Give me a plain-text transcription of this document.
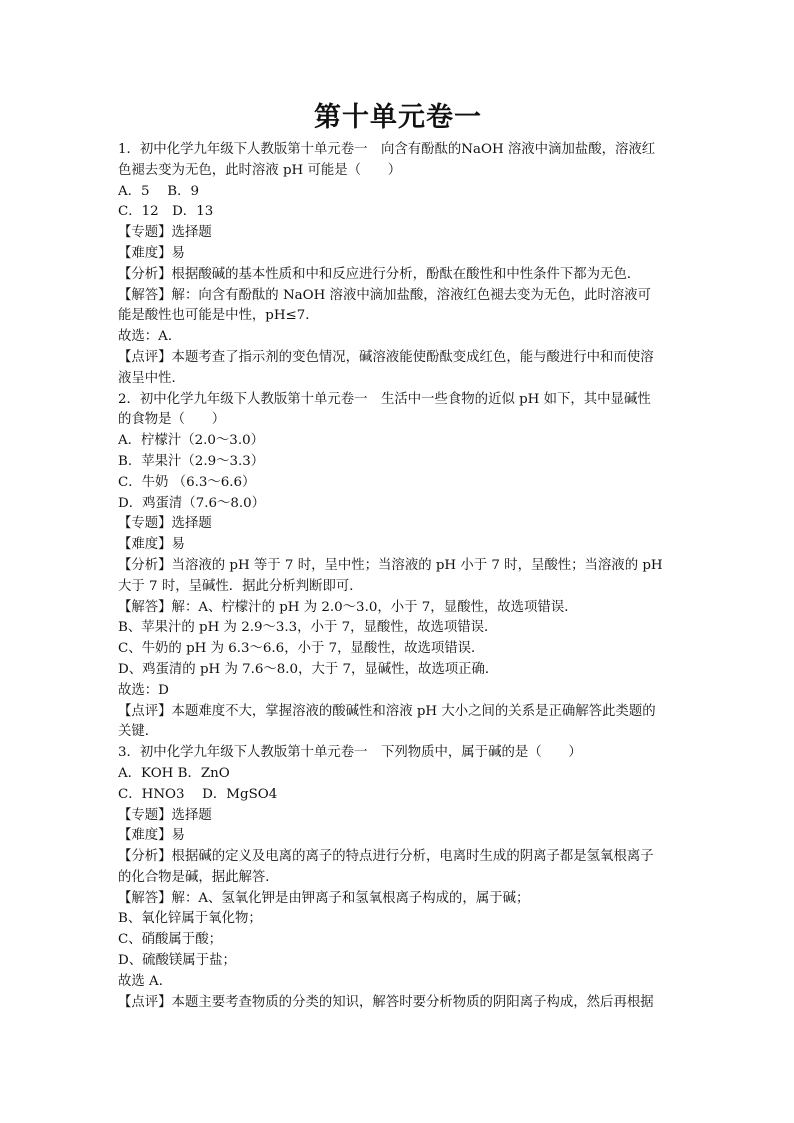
第十单元卷一
1．初中化学九年级下人教版第十单元卷一　向含有酚酞的NaOH 溶液中滴加盐酸，溶液红
色褪去变为无色，此时溶液 pH 可能是（　　）
A．5　 B．9
C．12　D．13
【专题】选择题
【难度】易
【分析】根据酸碱的基本性质和中和反应进行分析，酚酞在酸性和中性条件下都为无色．
【解答】解：向含有酚酞的 NaOH 溶液中滴加盐酸，溶液红色褪去变为无色，此时溶液可
能是酸性也可能是中性，pH≤7．
故选：A．
【点评】本题考查了指示剂的变色情况，碱溶液能使酚酞变成红色，能与酸进行中和而使溶
液呈中性．
2．初中化学九年级下人教版第十单元卷一　生活中一些食物的近似 pH 如下，其中显碱性
的食物是（　　）
A．柠檬汁（2.0～3.0）
B．苹果汁（2.9～3.3）
C．牛奶 （6.3～6.6）
D．鸡蛋清（7.6～8.0）
【专题】选择题
【难度】易
【分析】当溶液的 pH 等于 7 时，呈中性；当溶液的 pH 小于 7 时，呈酸性；当溶液的 pH
大于 7 时，呈碱性．据此分析判断即可．
【解答】解：A、柠檬汁的 pH 为 2.0～3.0，小于 7，显酸性，故选项错误．
B、苹果汁的 pH 为 2.9～3.3，小于 7，显酸性，故选项错误．
C、牛奶的 pH 为 6.3～6.6，小于 7，显酸性，故选项错误．
D、鸡蛋清的 pH 为 7.6～8.0，大于 7，显碱性，故选项正确．
故选：D
【点评】本题难度不大，掌握溶液的酸碱性和溶液 pH 大小之间的关系是正确解答此类题的
关键．
3．初中化学九年级下人教版第十单元卷一　下列物质中，属于碱的是（　　）
A．KOH B．ZnO
C．HNO3　 D．MgSO4
【专题】选择题
【难度】易
【分析】根据碱的定义及电离的离子的特点进行分析，电离时生成的阴离子都是氢氧根离子
的化合物是碱，据此解答．
【解答】解：A、氢氧化钾是由钾离子和氢氧根离子构成的，属于碱；
B、氧化锌属于氧化物；
C、硝酸属于酸；
D、硫酸镁属于盐；
故选 A．
【点评】本题主要考查物质的分类的知识，解答时要分析物质的阴阳离子构成，然后再根据
